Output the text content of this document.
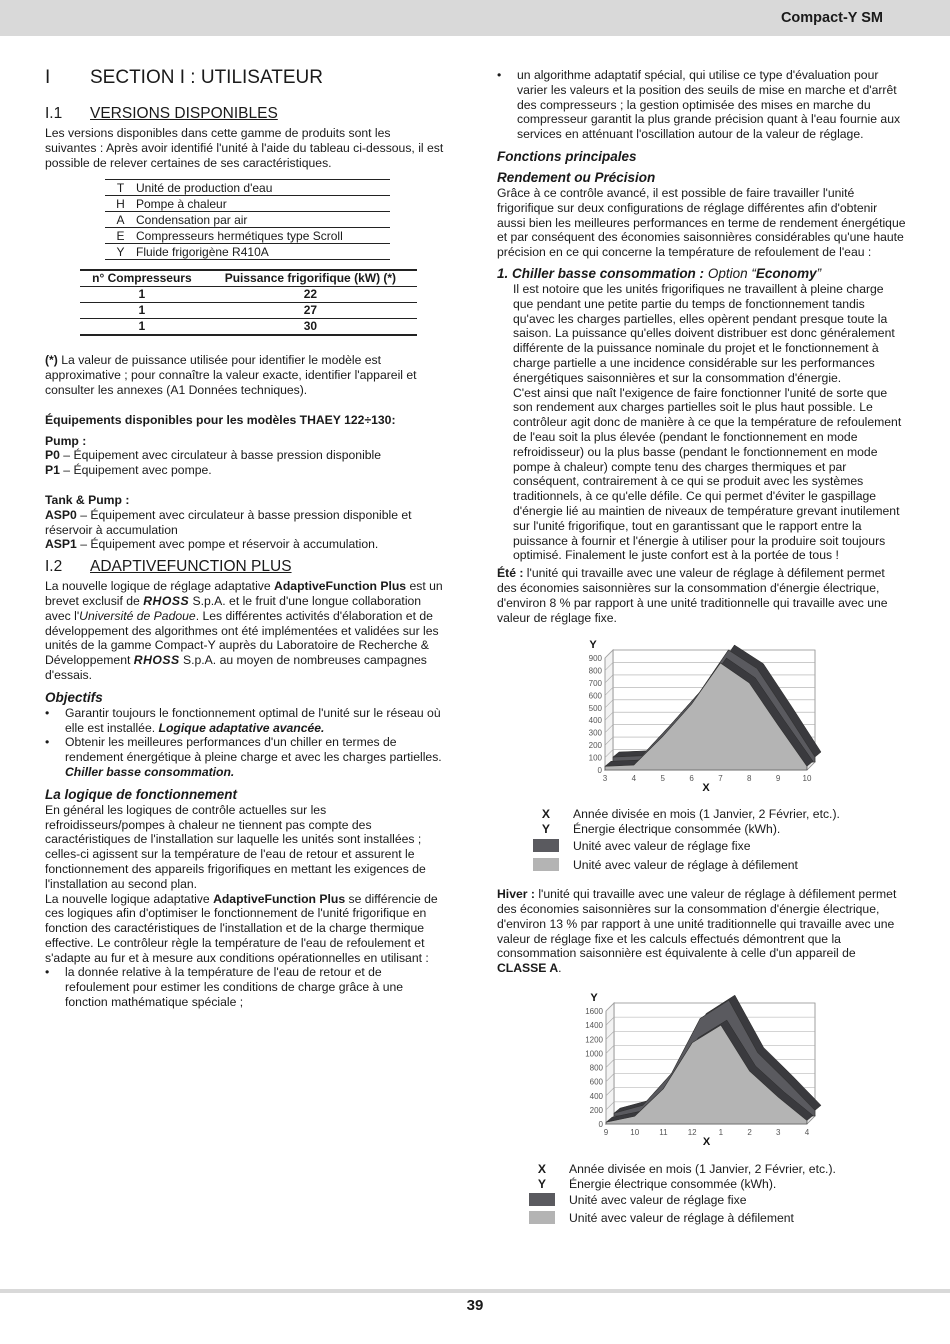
Compact-Y SM
I SECTION I : UTILISATEUR
I.1 VERSIONS DISPONIBLES

Les versions disponibles dans cette gamme de produits sont les suivantes : Après avoir identifié l'unité à l'aide du tableau ci-dessous, il est possible de relever certaines de ses caractéristiques.

T	Unité de production d'eau
H	Pompe à chaleur
A	Condensation par air
E	Compresseurs hermétiques type Scroll
Y	Fluide frigorigène R410A
n° Compresseurs	Puissance frigorifique (kW) (*)
1	22
1	27
1	30

(*) La valeur de puissance utilisée pour identifier le modèle est approximative ; pour connaître la valeur exacte, identifier l'appareil et consulter les annexes (A1 Données techniques).

Équipements disponibles pour les modèles THAEY 122÷130:

Pump :

P0 – Équipement avec circulateur à basse pression disponible

P1 – Équipement avec pompe.

Tank & Pump :

ASP0 – Équipement avec circulateur à basse pression disponible et réservoir à accumulation

ASP1 – Équipement avec pompe et réservoir à accumulation.

I.2 ADAPTIVEFUNCTION PLUS

La nouvelle logique de réglage adaptative AdaptiveFunction Plus est un brevet exclusif de RHOSS S.p.A. et le fruit d'une longue collaboration avec l'Université de Padoue. Les différentes activités d'élaboration et de développement des algorithmes ont été implémentées et validées sur les unités de la gamme Compact-Y auprès du Laboratoire de Recherche & Développement RHOSS S.p.A. au moyen de nombreuses campagnes d'essais.

Objectifs

• Garantir toujours le fonctionnement optimal de l'unité sur le réseau où elle est installée. Logique adaptative avancée.

• Obtenir les meilleures performances d'un chiller en termes de rendement énergétique à pleine charge et avec les charges partielles. Chiller basse consommation.

La logique de fonctionnement

En général les logiques de contrôle actuelles sur les refroidisseurs/pompes à chaleur ne tiennent pas compte des caractéristiques de l'installation sur laquelle les unités sont installées ; celles-ci agissent sur la température de l'eau de retour et assurent le fonctionnement des appareils frigorifiques en mettant les exigences de l'installation au second plan.

La nouvelle logique adaptative AdaptiveFunction Plus se différencie de ces logiques afin d'optimiser le fonctionnement de l'unité frigorifique en fonction des caractéristiques de l'installation et de la charge thermique effective. Le contrôleur règle la température de l'eau de refoulement et s'adapte au fur et à mesure aux conditions opérationnelles en utilisant :

• la donnée relative à la température de l'eau de retour et de refoulement pour estimer les conditions de charge grâce à une fonction mathématique spéciale ;

• un algorithme adaptatif spécial, qui utilise ce type d'évaluation pour varier les valeurs et la position des seuils de mise en marche et d'arrêt des compresseurs ; la gestion optimisée des mises en marche du compresseur garantit la plus grande précision quant à l'eau fournie aux services en atténuant l'oscillation autour de la valeur de réglage.

Fonctions principales

Rendement ou Précision

Grâce à ce contrôle avancé, il est possible de faire travailler l'unité frigorifique sur deux configurations de réglage différentes afin d'obtenir aussi bien les meilleures performances en terme de rendement énergétique et par conséquent des économies saisonnières considérables qu'une haute précision en ce qui concerne la température de refoulement de l'eau :

1. Chiller basse consommation : Option “Economy”

Il est notoire que les unités frigorifiques ne travaillent à pleine charge que pendant une petite partie du temps de fonctionnement tandis qu'avec les charges partielles, elles opèrent pendant presque toute la saison. La puissance qu'elles doivent distribuer est donc généralement différente de la puissance nominale du projet et le fonctionnement à charge partielle a une incidence considérable sur les performances énergétiques saisonnières et sur la consommation d'énergie.

C'est ainsi que naît l'exigence de faire fonctionner l'unité de sorte que son rendement aux charges partielles soit le plus haut possible. Le contrôleur agit donc de manière à ce que la température de refoulement de l'eau soit la plus élevée (pendant le fonctionnement en mode refroidisseur) ou la plus basse (pendant le fonctionnement en mode pompe à chaleur) compte tenu des charges thermiques et par conséquent, contrairement à ce qui se produit avec les systèmes traditionnels, à ce qu'elle défile. Ce qui permet d'éviter le gaspillage d'énergie lié au maintien de niveaux de température grevant inutilement sur l'unité frigorifique, tout en garantissant que le rapport entre la puissance à fournir et l'énergie à utiliser pour la produire soit toujours optimisé. Finalement le juste confort est à la portée de tous !

Été : l'unité qui travaille avec une valeur de réglage à défilement permet des économies saisonnières sur la consommation d'énergie électrique, d'environ 8 % par rapport à une unité traditionnelle qui travaille avec une valeur de réglage fixe.

0
100
200
300
400
500
600
700
800
900
3	4	5	6	7	8	9	10
X
Y
X	Année divisée en mois (1 Janvier, 2 Février, etc.).
Y	Énergie électrique consommée (kWh).
Unité avec valeur de réglage fixe
Unité avec valeur de réglage à défilement

Hiver : l'unité qui travaille avec une valeur de réglage à défilement permet des économies saisonnières sur la consommation d'énergie électrique, d'environ 13 % par rapport à une unité traditionnelle qui travaille avec une valeur de réglage fixe et les calculs effectués démontrent que la consommation saisonnière est équivalente à celle d'un appareil de CLASSE A.

0
200
400
600
800
1000
1200
1400
1600
9	10	11	12	1	2	3	4
X
Y
X	Année divisée en mois (1 Janvier, 2 Février, etc.).
Y	Énergie électrique consommée (kWh).
Unité avec valeur de réglage fixe
Unité avec valeur de réglage à défilement
39
